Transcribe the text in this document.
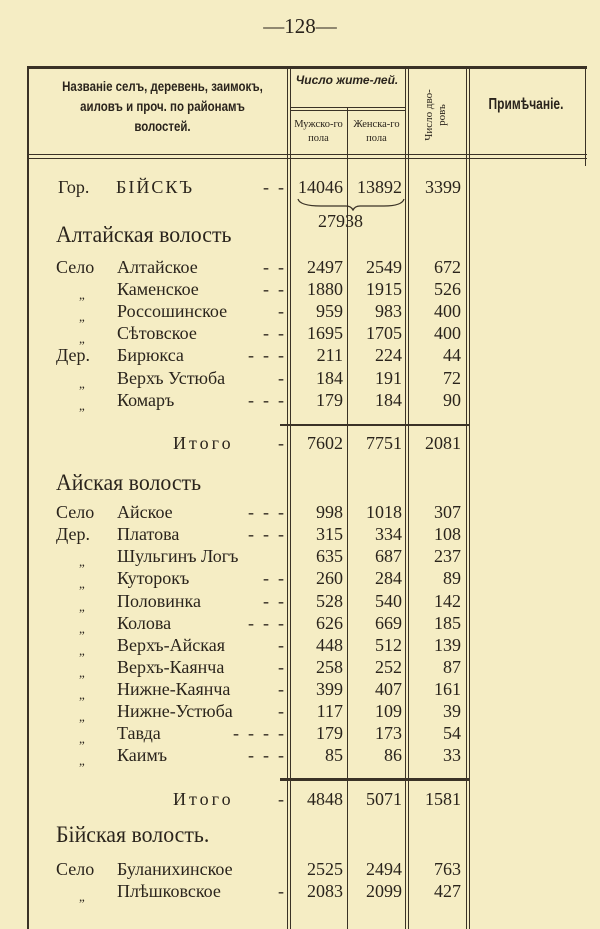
—128—
Названіе селъ, деревень, заимокъ, аиловъ и проч. по районамъ волостей.
Число жите-лей.
Мужско-го пола
Женска-го пола	Число дво-ровъ	Примѣчаніе.
Гор. БІЙСКЪ	-  - 14046 13892 3399
27938
Алтайская волость
Село Алтайское	-  - 2497 2549 672
„ Каменское	-  - 1880 1915 526
„ Россошинское	- 959 983 400
„ Сѣтовское	-  - 1695 1705 400
Дер. Бирюкса	-  -  - 211 224 44
„ Верхъ Устюба	- 184 191 72
„ Комаръ	-  -  - 179 184 90
Итого - 7602 7751 2081
Айская волость
Село Айское	-  -  - 998 1018 307
Дер. Платова	-  -  - 315 334 108
„ Шульгинъ Логъ	635 687 237
„ Куторокъ	-  - 260 284 89
„ Половинка	-  - 528 540 142
„ Колова	-  -  - 626 669 185
„ Верхъ-Айская	- 448 512 139
„ Верхъ-Каянча	- 258 252 87
„ Нижне-Каянча	- 399 407 161
„ Нижне-Устюба	- 117 109 39
„ Тавда	-  -  -  - 179 173 54
„ Каимъ	-  -  - 85 86 33
Итого - 4848 5071 1581
Бійская волость.
Село Буланихинское	2525 2494 763
„ Плѣшковское	- 2083 2099 427
